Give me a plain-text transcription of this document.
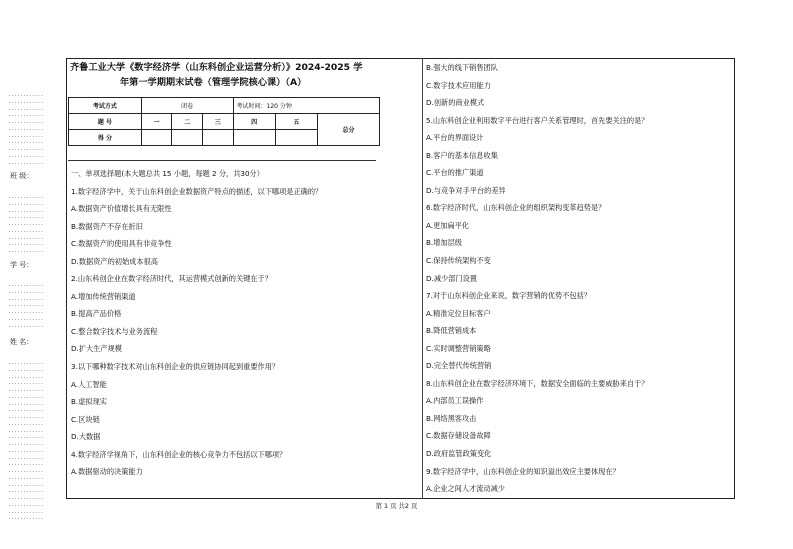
············
············
············
············
············
············
············
············
············
············
············
班 级：
············
············
············
············
············
············
············
············
············
学 号：
············
············
············
············
············
············
············
姓 名：
············
············
············
············
············
············
············
············
············
············
············
············
············
············
············
············
············
············
············
············
············
············
············
············
齐鲁工业大学《数字经济学（山东科创企业运营分析）》2024-2025 学
年第一学期期末试卷（管理学院核心课）（A）
考试方式	闭卷			考试时间：120 分钟		
题 号	一	二	三	四	五	总分
得 分						
一、单项选择题(本大题总共 15 小题，每题 2 分，共30分）
1.数字经济学中，关于山东科创企业数据资产特点的描述，以下哪项是正确的？
A.数据资产价值增长具有无限性
B.数据资产不存在折旧
C.数据资产的使用具有非竞争性
D.数据资产的初始成本很高
2.山东科创企业在数字经济时代，其运营模式创新的关键在于？
A.增加传统营销渠道
B.提高产品价格
C.整合数字技术与业务流程
D.扩大生产规模
3.以下哪种数字技术对山东科创企业的供应链协同起到重要作用？
A.人工智能
B.虚拟现实
C.区块链
D.大数据
4.数字经济学视角下，山东科创企业的核心竞争力不包括以下哪项？
A.数据驱动的决策能力
B.强大的线下销售团队
C.数字技术应用能力
D.创新的商业模式
5.山东科创企业利用数字平台进行客户关系管理时，首先要关注的是？
A.平台的界面设计
B.客户的基本信息收集
C.平台的推广渠道
D.与竞争对手平台的差异
6.数字经济时代，山东科创企业的组织架构变革趋势是？
A.更加扁平化
B.增加层级
C.保持传统架构不变
D.减少部门设置
7.对于山东科创企业来说，数字营销的优势不包括？
A.精准定位目标客户
B.降低营销成本
C.实时调整营销策略
D.完全替代传统营销
8.山东科创企业在数字经济环境下，数据安全面临的主要威胁来自于？
A.内部员工误操作
B.网络黑客攻击
C.数据存储设备故障
D.政府监管政策变化
9.数字经济学中，山东科创企业的知识溢出效应主要体现在？
A.企业之间人才流动减少
第 1 页 共2 页
